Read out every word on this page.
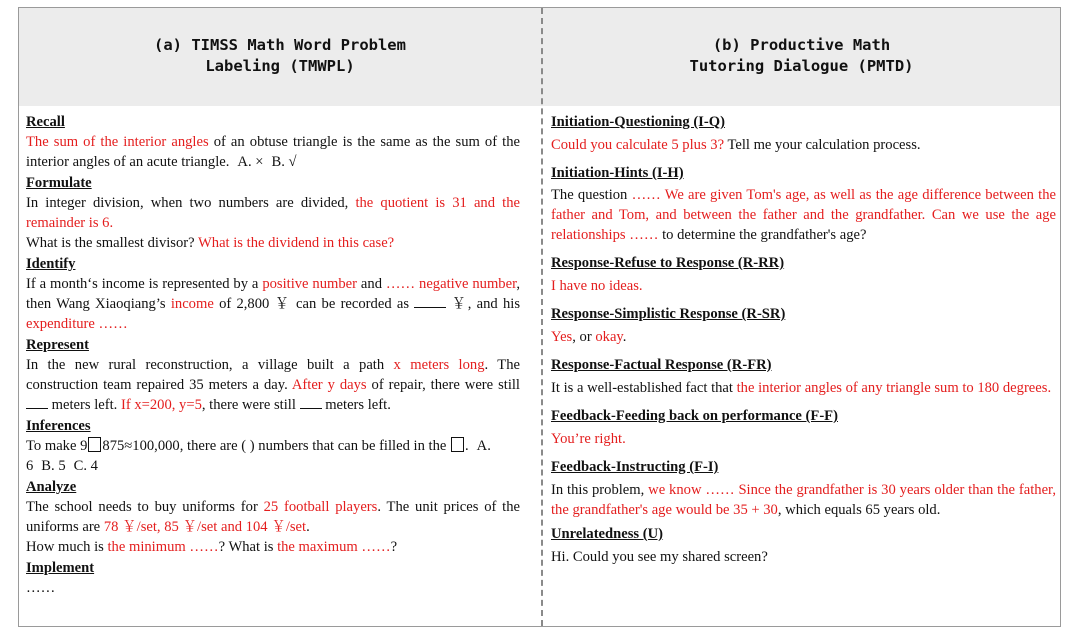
(a) TIMSS Math Word Problem
Labeling (TMWPL)
(b) Productive Math
Tutoring Dialogue (PMTD)
Recall
The sum of the interior angles of an obtuse triangle is the same as the sum of the interior angles of an acute triangle. A. × B. √
Formulate
In integer division, when two numbers are divided, the quotient is 31 and the remainder is 6.
What is the smallest divisor? What is the dividend in this case?
Identify
If a month‘s income is represented by a positive number and …… negative number, then Wang Xiaoqiang’s income of 2,800 ￥ can be recorded as  ￥, and his expenditure ……
Represent
In the new rural reconstruction, a village built a path x meters long. The construction team repaired 35 meters a day. After y days of repair, there were still  meters left. If x=200, y=5, there were still  meters left.
Inferences
To make 9 875≈100,000, there are ( ) numbers that can be filled in the . A. 6 B. 5 C. 4
Analyze
The school needs to buy uniforms for 25 football players. The unit prices of the uniforms are 78 ￥/set, 85 ￥/set and 104 ￥/set.
How much is the minimum ……? What is the maximum ……?
Implement
……
Initiation-Questioning (I-Q)
Could you calculate 5 plus 3? Tell me your calculation process.
Initiation-Hints (I-H)
The question …… We are given Tom's age, as well as the age difference between the father and Tom, and between the father and the grandfather. Can we use the age relationships …… to determine the grandfather's age?
Response-Refuse to Response (R-RR)
I have no ideas.
Response-Simplistic Response (R-SR)
Yes, or okay.
Response-Factual Response (R-FR)
It is a well-established fact that the interior angles of any triangle sum to 180 degrees.
Feedback-Feeding back on performance (F-F)
You’re right.
Feedback-Instructing (F-I)
In this problem, we know …… Since the grandfather is 30 years older than the father, the grandfather's age would be 35 + 30, which equals 65 years old.
Unrelatedness (U)
Hi. Could you see my shared screen?
